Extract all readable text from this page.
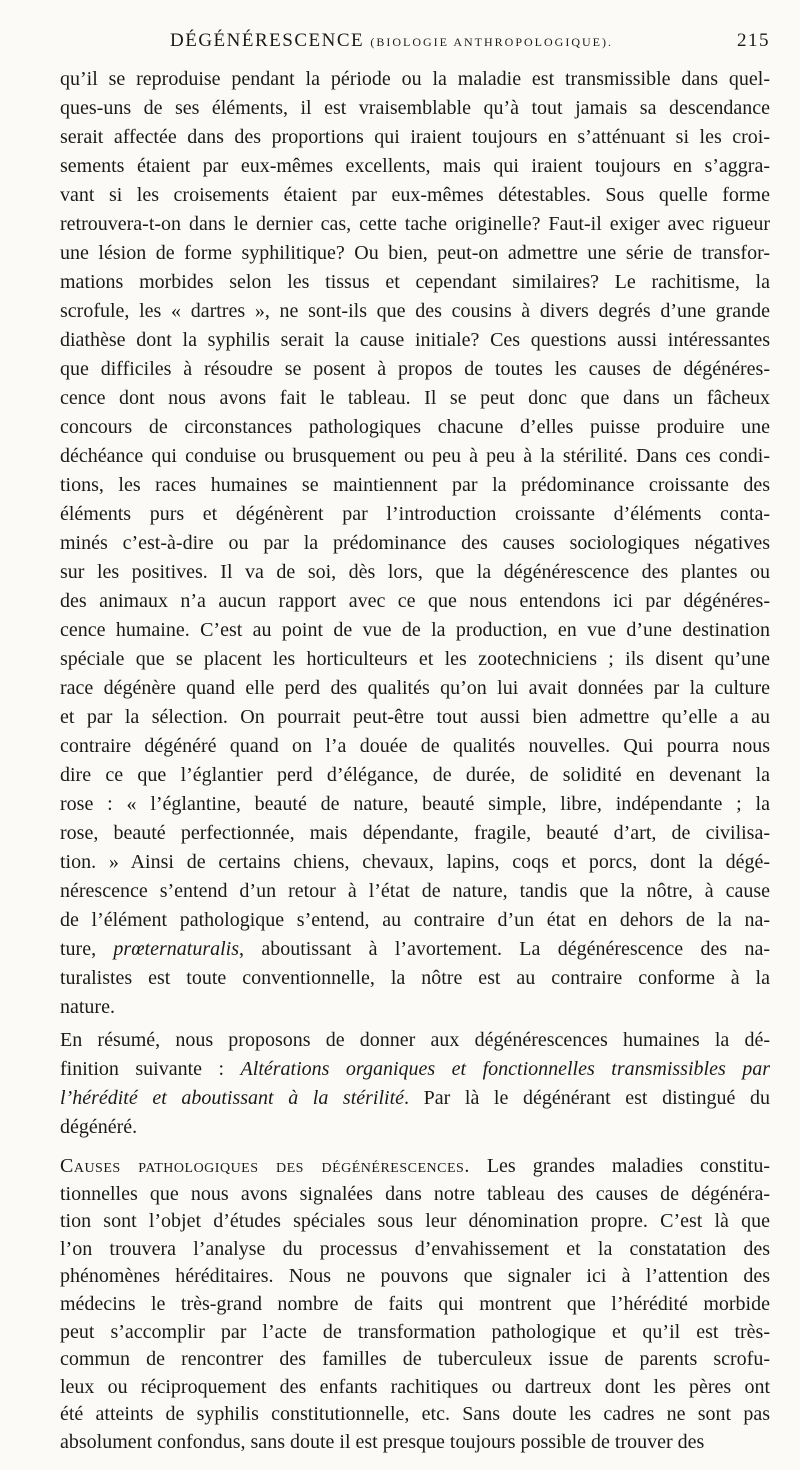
DÉGÉNÉRESCENCE (BIOLOGIE ANTHROPOLOGIQUE).	215
qu’il se reproduise pendant la période ou la maladie est transmissible dans quel-
ques-uns de ses éléments, il est vraisemblable qu’à tout jamais sa descendance
serait affectée dans des proportions qui iraient toujours en s’atténuant si les croi-
sements étaient par eux-mêmes excellents, mais qui iraient toujours en s’aggra-
vant si les croisements étaient par eux-mêmes détestables. Sous quelle forme
retrouvera-t-on dans le dernier cas, cette tache originelle? Faut-il exiger avec rigueur
une lésion de forme syphilitique? Ou bien, peut-on admettre une série de transfor-
mations morbides selon les tissus et cependant similaires? Le rachitisme, la
scrofule, les « dartres », ne sont-ils que des cousins à divers degrés d’une grande
diathèse dont la syphilis serait la cause initiale? Ces questions aussi intéressantes
que difficiles à résoudre se posent à propos de toutes les causes de dégénéres-
cence dont nous avons fait le tableau. Il se peut donc que dans un fâcheux
concours de circonstances pathologiques chacune d’elles puisse produire une
déchéance qui conduise ou brusquement ou peu à peu à la stérilité. Dans ces condi-
tions, les races humaines se maintiennent par la prédominance croissante des
éléments purs et dégénèrent par l’introduction croissante d’éléments conta-
minés c’est-à-dire ou par la prédominance des causes sociologiques négatives
sur les positives. Il va de soi, dès lors, que la dégénérescence des plantes ou
des animaux n’a aucun rapport avec ce que nous entendons ici par dégénéres-
cence humaine. C’est au point de vue de la production, en vue d’une destination
spéciale que se placent les horticulteurs et les zootechniciens ; ils disent qu’une
race dégénère quand elle perd des qualités qu’on lui avait données par la culture
et par la sélection. On pourrait peut-être tout aussi bien admettre qu’elle a au
contraire dégénéré quand on l’a douée de qualités nouvelles. Qui pourra nous
dire ce que l’églantier perd d’élégance, de durée, de solidité en devenant la
rose : « l’églantine, beauté de nature, beauté simple, libre, indépendante ; la
rose, beauté perfectionnée, mais dépendante, fragile, beauté d’art, de civilisa-
tion. » Ainsi de certains chiens, chevaux, lapins, coqs et porcs, dont la dégé-
nérescence s’entend d’un retour à l’état de nature, tandis que la nôtre, à cause
de l’élément pathologique s’entend, au contraire d’un état en dehors de la na-
ture, prœternaturalis, aboutissant à l’avortement. La dégénérescence des na-
turalistes est toute conventionnelle, la nôtre est au contraire conforme à la
nature.
En résumé, nous proposons de donner aux dégénérescences humaines la dé-
finition suivante : Altérations organiques et fonctionnelles transmissibles par
l’hérédité et aboutissant à la stérilité. Par là le dégénérant est distingué du
dégénéré.
Causes pathologiques des dégénérescences. Les grandes maladies constitu-
tionnelles que nous avons signalées dans notre tableau des causes de dégénéra-
tion sont l’objet d’études spéciales sous leur dénomination propre. C’est là que
l’on trouvera l’analyse du processus d’envahissement et la constatation des
phénomènes héréditaires. Nous ne pouvons que signaler ici à l’attention des
médecins le très-grand nombre de faits qui montrent que l’hérédité morbide
peut s’accomplir par l’acte de transformation pathologique et qu’il est très-
commun de rencontrer des familles de tuberculeux issue de parents scrofu-
leux ou réciproquement des enfants rachitiques ou dartreux dont les pères ont
été atteints de syphilis constitutionnelle, etc. Sans doute les cadres ne sont pas
absolument confondus, sans doute il est presque toujours possible de trouver des
